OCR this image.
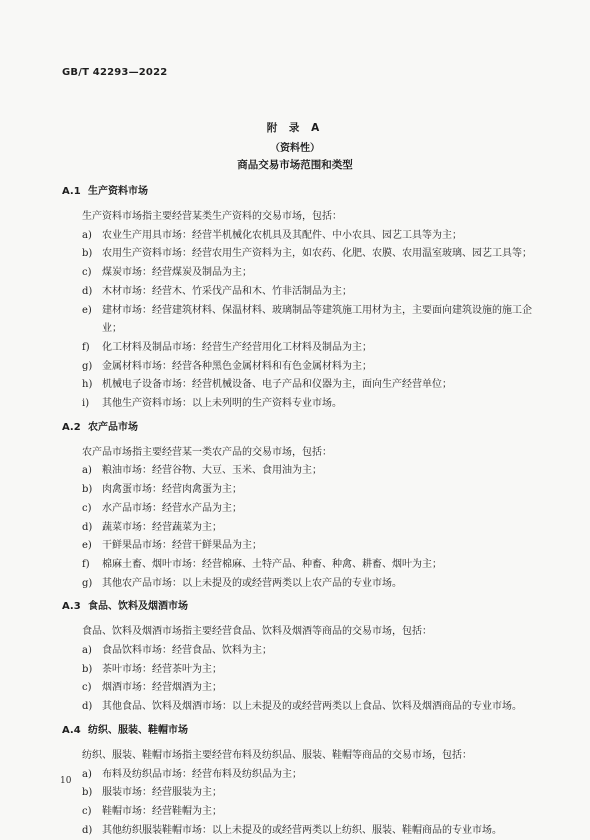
GB/T 42293—2022
附 录 A
（资料性）
商品交易市场范围和类型
A.1 生产资料市场
生产资料市场指主要经营某类生产资料的交易市场，包括：
a) 农业生产用具市场：经营半机械化农机具及其配件、中小农具、园艺工具等为主；
b) 农用生产资料市场：经营农用生产资料为主，如农药、化肥、农膜、农用温室玻璃、园艺工具等；
c) 煤炭市场：经营煤炭及制品为主；
d) 木材市场：经营木、竹采伐产品和木、竹非活制品为主；
e) 建材市场：经营建筑材料、保温材料、玻璃制品等建筑施工用材为主，主要面向建筑设施的施工企业；
f) 化工材料及制品市场：经营生产经营用化工材料及制品为主；
g) 金属材料市场：经营各种黑色金属材料和有色金属材料为主；
h) 机械电子设备市场：经营机械设备、电子产品和仪器为主，面向生产经营单位；
i) 其他生产资料市场：以上未列明的生产资料专业市场。
A.2 农产品市场
农产品市场指主要经营某一类农产品的交易市场，包括：
a) 粮油市场：经营谷物、大豆、玉米、食用油为主；
b) 肉禽蛋市场：经营肉禽蛋为主；
c) 水产品市场：经营水产品为主；
d) 蔬菜市场：经营蔬菜为主；
e) 干鲜果品市场：经营干鲜果品为主；
f) 棉麻土畜、烟叶市场：经营棉麻、土特产品、种畜、种禽、耕畜、烟叶为主；
g) 其他农产品市场：以上未提及的或经营两类以上农产品的专业市场。
A.3 食品、饮料及烟酒市场
食品、饮料及烟酒市场指主要经营食品、饮料及烟酒等商品的交易市场，包括：
a) 食品饮料市场：经营食品、饮料为主；
b) 茶叶市场：经营茶叶为主；
c) 烟酒市场：经营烟酒为主；
d) 其他食品、饮料及烟酒市场：以上未提及的或经营两类以上食品、饮料及烟酒商品的专业市场。
A.4 纺织、服装、鞋帽市场
纺织、服装、鞋帽市场指主要经营布料及纺织品、服装、鞋帽等商品的交易市场，包括：
a) 布料及纺织品市场：经营布料及纺织品为主；
b) 服装市场：经营服装为主；
c) 鞋帽市场：经营鞋帽为主；
d) 其他纺织服装鞋帽市场：以上未提及的或经营两类以上纺织、服装、鞋帽商品的专业市场。
10
